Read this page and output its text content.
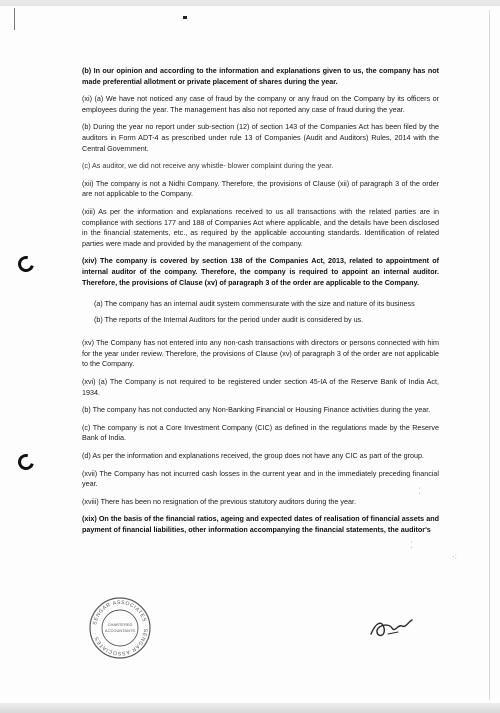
⁚
⁖
⁚

(b) In our opinion and according to the information and explanations given to us, the company has not made preferential allotment or private placement of shares during the year.

(xi) (a) We have not noticed any case of fraud by the company or any fraud on the Company by its officers or employees during the year. The management has also not reported any case of fraud during the year.

(b) During the year no report under sub-section (12) of section 143 of the Companies Act has been filed by the auditors in Form ADT-4 as prescribed under rule 13 of Companies (Audit and Auditors) Rules, 2014 with the Central Government.

(c) As auditor, we did not receive any whistle- blower complaint during the year.

(xii) The company is not a Nidhi Company. Therefore, the provisions of Clause (xii) of paragraph 3 of the order are not applicable to the Company.

(xiii) As per the information and explanations received to us all transactions with the related parties are in compliance with sections 177 and 188 of Companies Act where applicable, and the details have been disclosed in the financial statements, etc., as required by the applicable accounting standards. Identification of related parties were made and provided by the management of the company.

(xiv) The company is covered by section 138 of the Companies Act, 2013, related to appointment of internal auditor of the company. Therefore, the company is required to appoint an internal auditor. Therefore, the provisions of Clause (xv) of paragraph 3 of the order are applicable to the Company.

(a) The company has an internal audit system commensurate with the size and nature of its business

(b) The reports of the Internal Auditors for the period under audit is considered by us.

(xv) The Company has not entered into any non-cash transactions with directors or persons connected with him for the year under review. Therefore, the provisions of Clause (xv) of paragraph 3 of the order are not applicable to the Company.

(xvi) (a) The Company is not required to be registered under section 45-IA of the Reserve Bank of India Act, 1934.

(b) The company has not conducted any Non-Banking Financial or Housing Finance activities during the year.

(c) The company is not a Core Investment Company (CIC) as defined in the regulations made by the Reserve Bank of India.

(d) As per the information and explanations received, the group does not have any CIC as part of the group.

(xvii) The Company has not incurred cash losses in the current year and in the immediately preceding financial year.

(xviii) There has been no resignation of the previous statutory auditors during the year.

(xix) On the basis of the financial ratios, ageing and expected dates of realisation of financial assets and payment of financial liabilities, other information accompanying the financial statements, the auditor's

SENGAR ASSOCIATES · SENGAR ASSOCIATES ·
CHARTERED
ACCOUNTANTS
